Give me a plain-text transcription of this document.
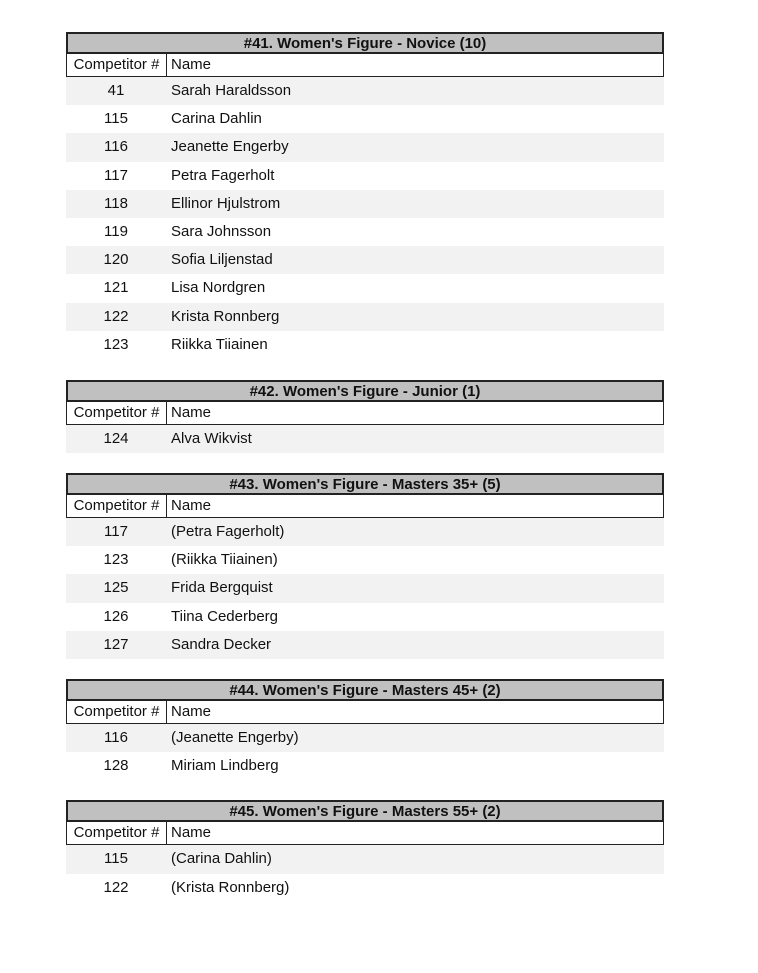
#41. Women's Figure - Novice (10)
Competitor # Name
41	Sarah Haraldsson
115	Carina Dahlin
116	Jeanette Engerby
117	Petra Fagerholt
118	Ellinor Hjulstrom
119	Sara Johnsson
120	Sofia Liljenstad
121	Lisa Nordgren
122	Krista Ronnberg
123	Riikka Tiiainen
#42. Women's Figure - Junior (1)
Competitor # Name
124	Alva Wikvist
#43. Women's Figure - Masters 35+ (5)
Competitor # Name
117	(Petra Fagerholt)
123	(Riikka Tiiainen)
125	Frida Bergquist
126	Tiina Cederberg
127	Sandra Decker
#44. Women's Figure - Masters 45+ (2)
Competitor # Name
116	(Jeanette Engerby)
128	Miriam Lindberg
#45. Women's Figure - Masters 55+ (2)
Competitor # Name
115	(Carina Dahlin)
122	(Krista Ronnberg)
